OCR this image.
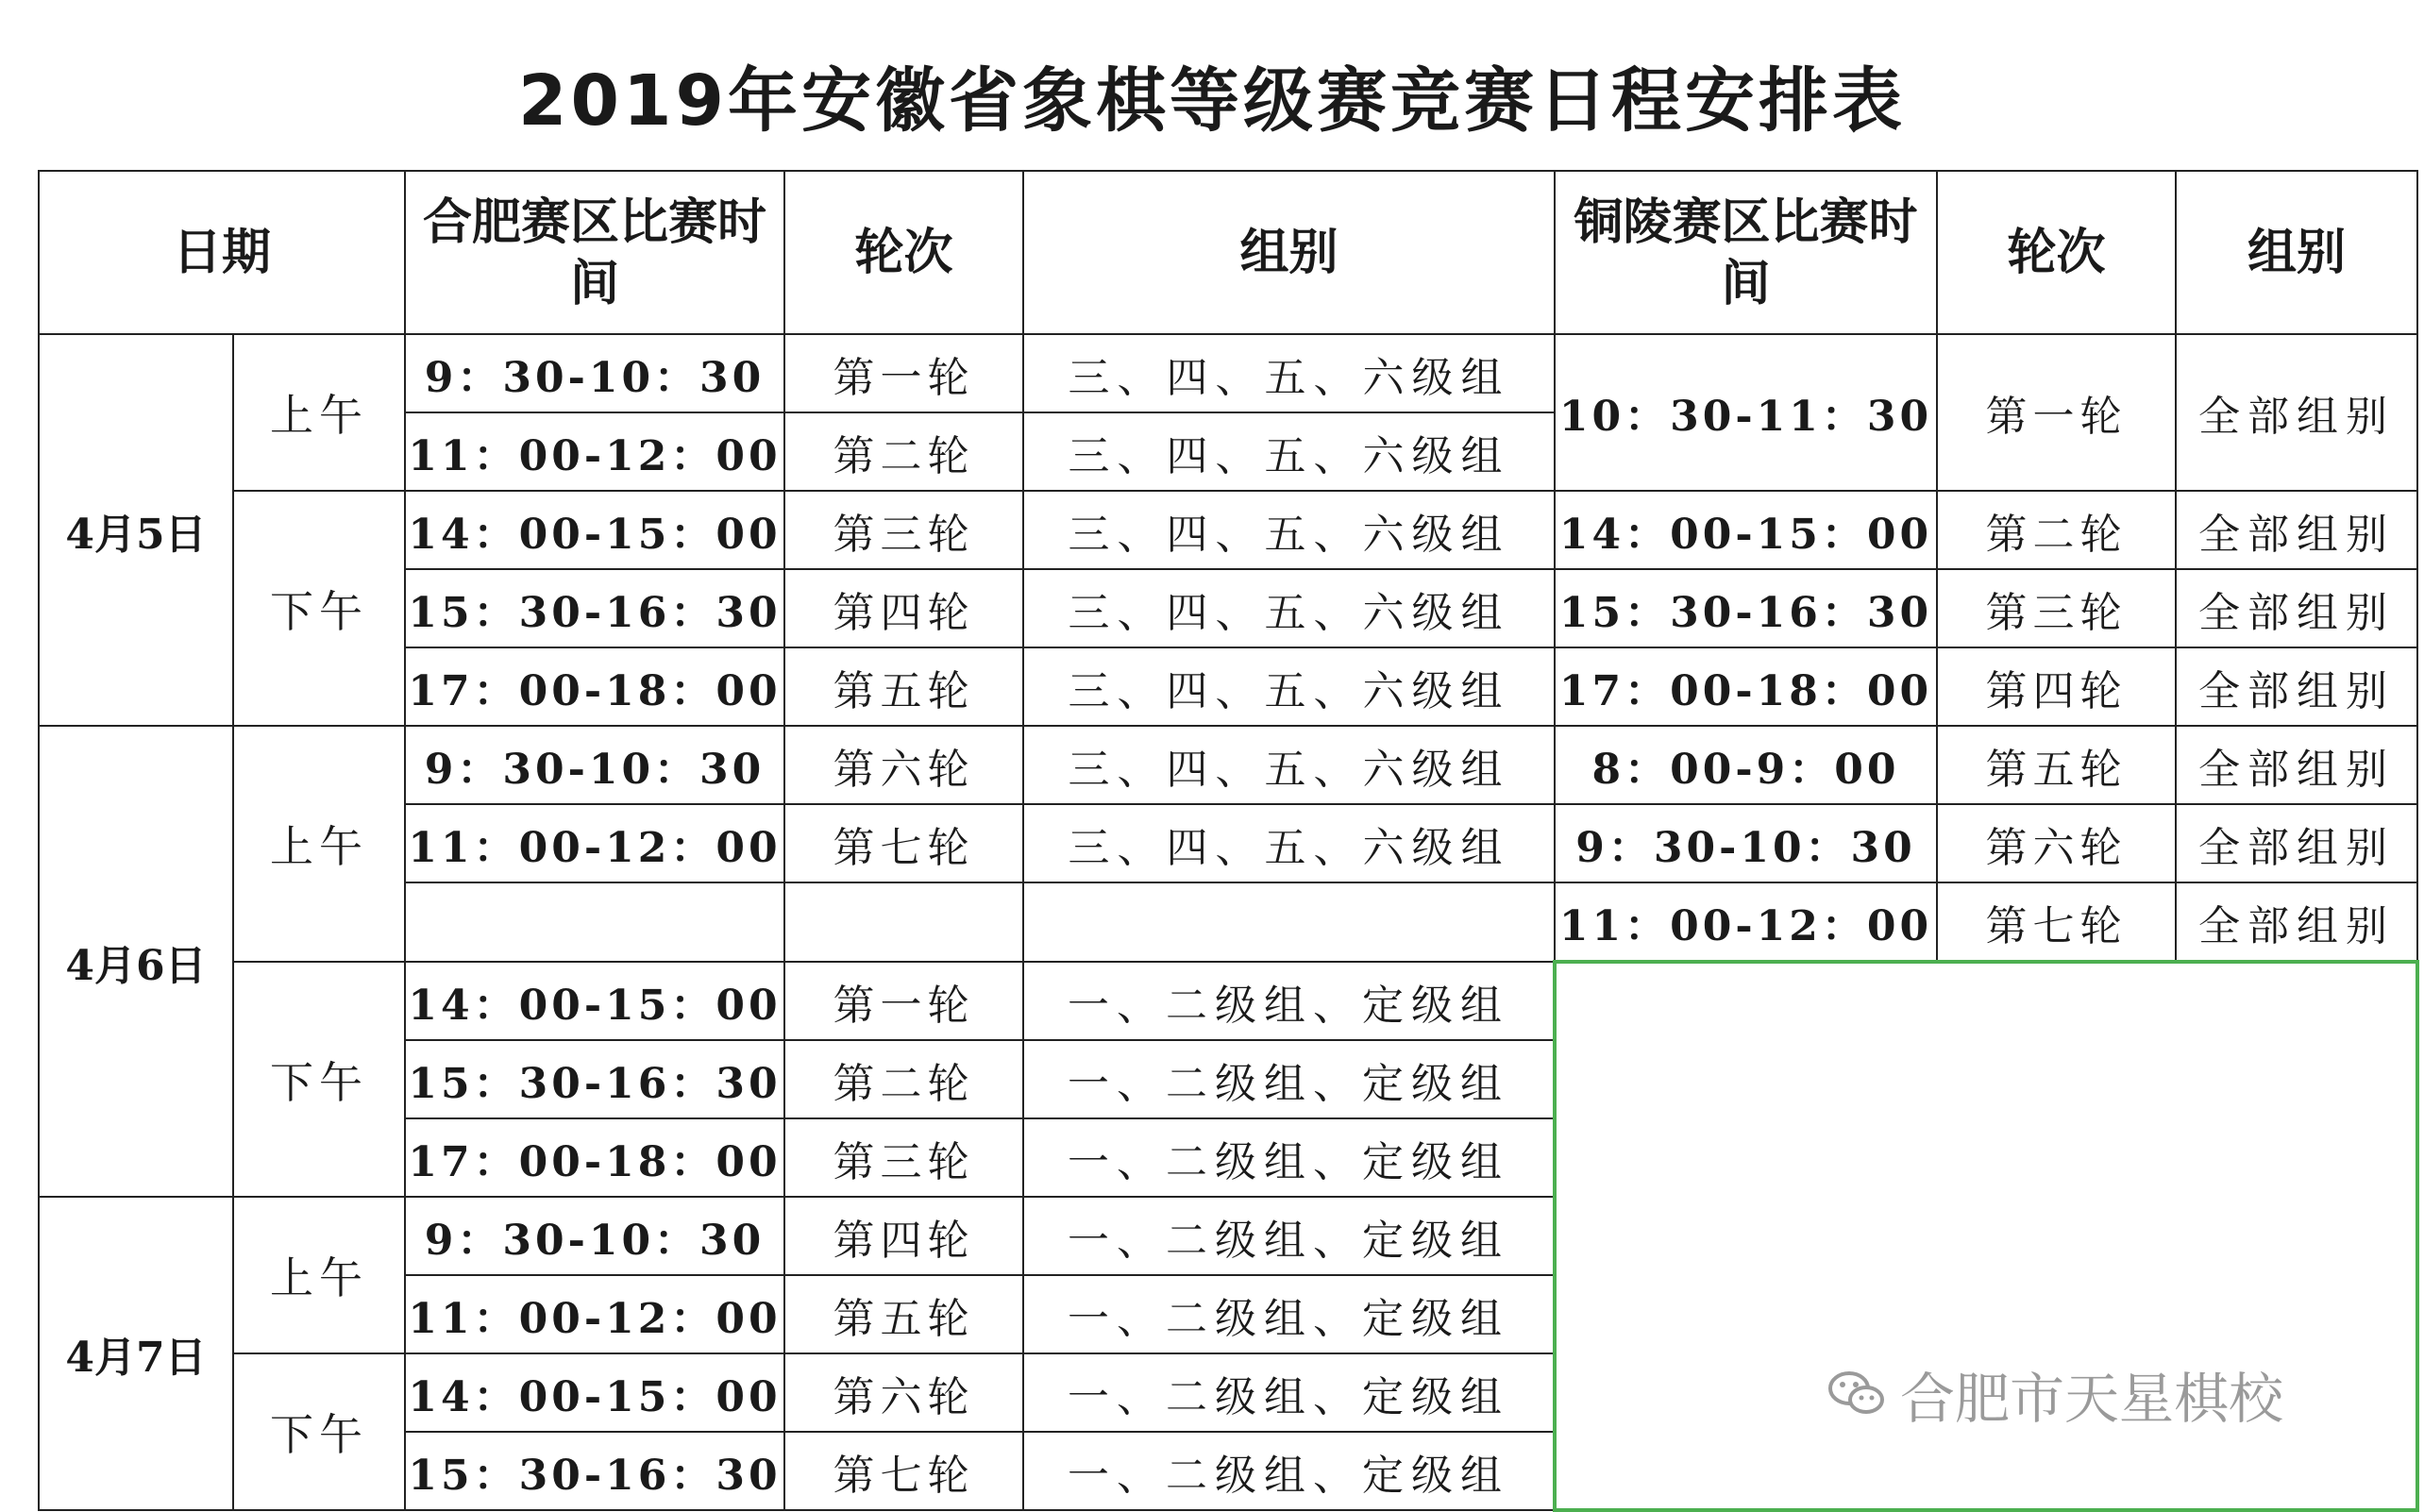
2019年安徽省象棋等级赛竞赛日程安排表
日期		合肥赛区比赛时间	轮次	组别	铜陵赛区比赛时间	轮次	组别
4月5日	上午	9：30-10：30	第一轮	三、四、五、六级组	10：30-11：30	第一轮	全部组别
		11：00-12：00	第二轮	三、四、五、六级组			
	下午	14：00-15：00	第三轮	三、四、五、六级组	14：00-15：00	第二轮	全部组别
		15：30-16：30	第四轮	三、四、五、六级组	15：30-16：30	第三轮	全部组别
		17：00-18：00	第五轮	三、四、五、六级组	17：00-18：00	第四轮	全部组别
4月6日	上午	9：30-10：30	第六轮	三、四、五、六级组	8：00-9：00	第五轮	全部组别
		11：00-12：00	第七轮	三、四、五、六级组	9：30-10：30	第六轮	全部组别
					11：00-12：00	第七轮	全部组别
	下午	14：00-15：00	第一轮	一、二级组、定级组			
		15：30-16：30	第二轮	一、二级组、定级组			
		17：00-18：00	第三轮	一、二级组、定级组			
4月7日	上午	9：30-10：30	第四轮	一、二级组、定级组			
		11：00-12：00	第五轮	一、二级组、定级组			
	下午	14：00-15：00	第六轮	一、二级组、定级组			
		15：30-16：30	第七轮	一、二级组、定级组			
合肥市天星棋校
